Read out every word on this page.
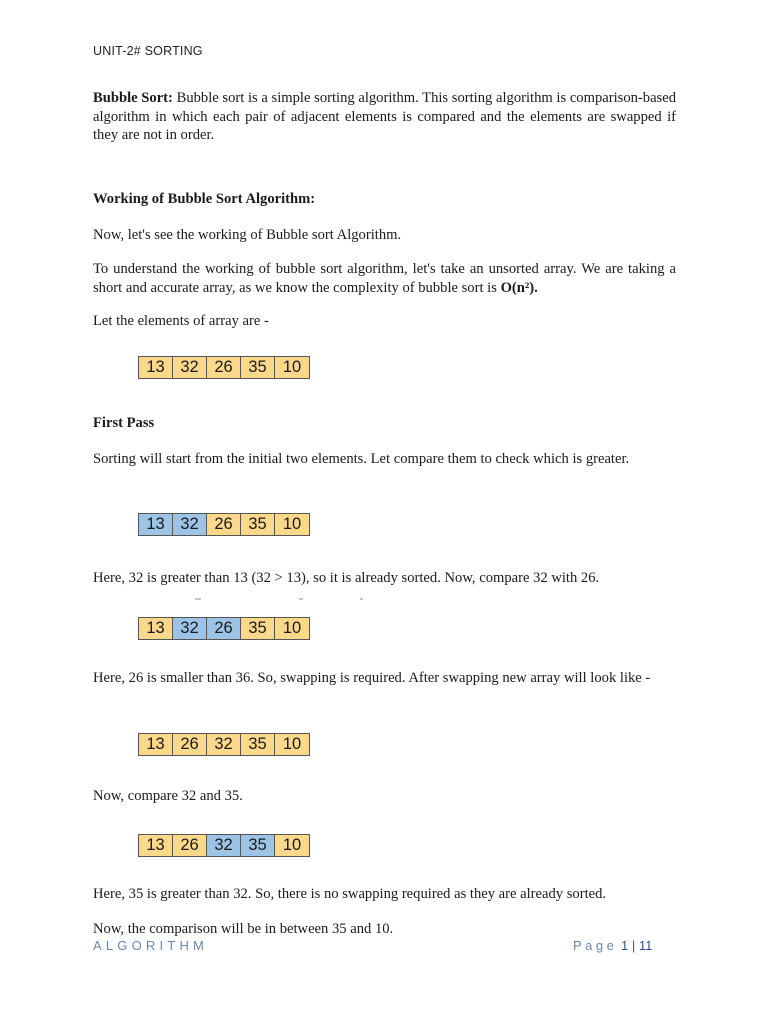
UNIT-2# SORTING
Bubble Sort: Bubble sort is a simple sorting algorithm. This sorting algorithm is comparison-based algorithm in which each pair of adjacent elements is compared and the elements are swapped if they are not in order.
Working of Bubble Sort Algorithm:
Now, let's see the working of Bubble sort Algorithm.
To understand the working of bubble sort algorithm, let's take an unsorted array. We are taking a short and accurate array, as we know the complexity of bubble sort is O(n²).
Let the elements of array are -
13 32 26 35 10
First Pass
Sorting will start from the initial two elements. Let compare them to check which is greater.
13 32 26 35 10
Here, 32 is greater than 13 (32 > 13), so it is already sorted. Now, compare 32 with 26.
13 32 26 35 10
Here, 26 is smaller than 36. So, swapping is required. After swapping new array will look like -
13 26 32 35 10
Now, compare 32 and 35.
13 26 32 35 10
Here, 35 is greater than 32. So, there is no swapping required as they are already sorted.
Now, the comparison will be in between 35 and 10.
ALGORITHM	Page 1 | 11
